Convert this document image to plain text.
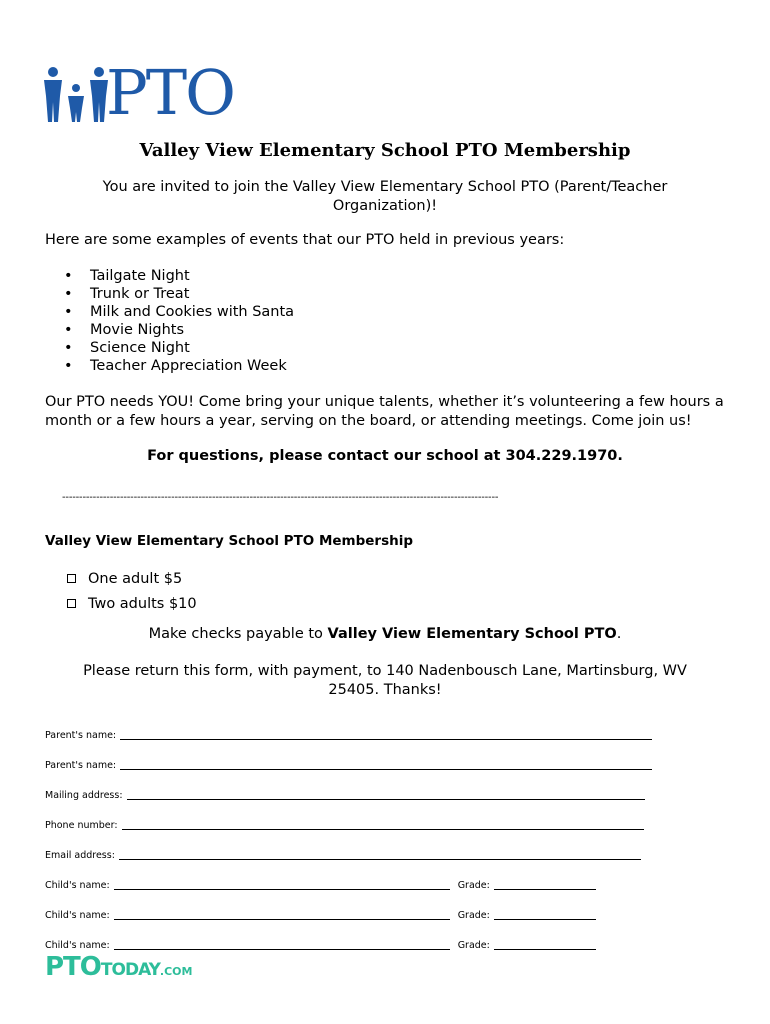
PTO
Valley View Elementary School PTO Membership
You are invited to join the Valley View Elementary School PTO (Parent/Teacher Organization)!
Here are some examples of events that our PTO held in previous years:
•	Tailgate Night
•	Trunk or Treat
•	Milk and Cookies with Santa
•	Movie Nights
•	Science Night
•	Teacher Appreciation Week
Our PTO needs YOU! Come bring your unique talents, whether it’s volunteering a few hours a month or a few hours a year, serving on the board, or attending meetings. Come join us!
For questions, please contact our school at 304.229.1970.
--------------------------------------------------------------------------------------------------------------------------------
Valley View Elementary School PTO Membership
One adult $5
Two adults $10
Make checks payable to Valley View Elementary School PTO.
Please return this form, with payment, to 140 Nadenbousch Lane, Martinsburg, WV 25405. Thanks!
Parent's name:
Parent's name:
Mailing address:
Phone number:
Email address:
Child's name:	Grade:
Child's name:	Grade:
Child's name:	Grade:
PTO TODAY .COM
